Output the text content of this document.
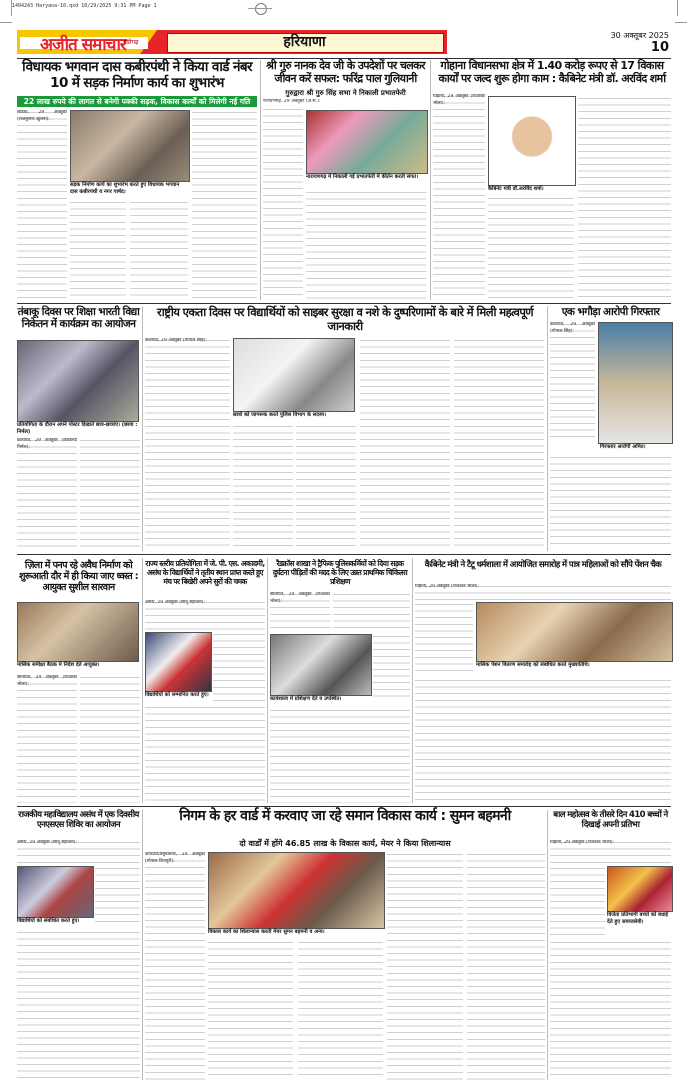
1404243 Haryana-10.qxd 10/29/2025 9:31 PM Page 1
अजीत समाचार
चंडीगढ़	हरियाणा	30 अक्तूबर 2025
10
विधायक भगवान दास कबीरपंथी ने किया वार्ड नंबर 10 में सड़क निर्माण कार्य का शुभारंभ
22 लाख रुपये की लागत से बनेगी पक्की सड़क, विकास कार्यों को मिलेगी नई गति
लाडवा, 29 अक्तूबर (राजकुमार खुराना):
सड़क निर्माण कार्य का शुभारंभ करते हुए विधायक भगवान दास कबीरपंथी व नगर पार्षद।
श्री गुरु नानक देव जी के उपदेशों पर चलकर जीवन करें सफल: फरिंद्र पाल गुलियानी
गुरुद्वारा श्री गुरु सिंह सभा ने निकाली प्रभातफेरी
नारायणगढ़, 29 अक्तूबर (अ.स.):
नारायणगढ़ में निकाली गई प्रभातफेरी में कीर्तन करती संगत।
गोहाना विधानसभा क्षेत्र में 1.40 करोड़ रूपए से 17 विकास कार्यों पर जल्द शुरू होगा काम : कैबिनेट मंत्री डॉ. अरविंद शर्मा
गोहाना, 29 अक्तूबर (राजेश्वर भोला):
कैबिनेट मंत्री डॉ.अरविंद शर्मा।
तंबाकू दिवस पर शिक्षा भारती विद्या निकेतन में कार्यक्रम का आयोजन
प्रतियोगिता के दौरान अपने पोस्टर दिखाते छात्र-छात्राएं। (छाया : निर्मल)
कलायत, 29 अक्तूबर (कौशल्या निर्मल):
राष्ट्रीय एकता दिवस पर विद्यार्थियों को साइबर सुरक्षा व नशे के दुष्परिणामों के बारे में मिली महत्वपूर्ण जानकारी
कलायत, 29 अक्तूबर (गोपाल सिंह):
छात्रों को जागरूक करते पुलिस विभाग के सदस्य।
एक भगौड़ा आरोपी गिरफ्तार
कलायत, 29 अक्तूबर (गोपाल सिंह):
गिरफ्तार आरोपी अमित।
ज़िला में पनप रहे अवैध निर्माण को शुरूआती दौर में ही किया जाए ध्वस्त : आयुक्त सुशील सारवान
मासिक समीक्षा बैठक में निर्देश देते आयुक्त।
सोनीपत, 29 अक्तूबर (राजेश्वर भोला):
राज्य स्तरीय प्रतियोगिता में जे. पी. एस. अकादमी, असंध के विद्यार्थियों ने तृतीय स्थान प्राप्त करते हुए मंच पर बिखेरी अपने सुरों की चमक
असंध, 29 अक्तूबर (सोनू महाजन):
विद्यार्थियों को सम्मानित करते हुए।
रैडक्रॉस शाखा ने ट्रैफिक पुलिसकर्मियों को दिया सड़क दुर्घटना पीड़ितों की मदद के लिए उन्नत प्राथमिक चिकित्सा प्रशिक्षण
सोनीपत, 29 अक्तूबर (राजेश्वर भोला):
कार्यशाला में प्रशिक्षण देते व उपस्थित।
कैबिनेट मंत्री ने टैटू धर्मशाला में आयोजित समारोह में पात्र महिलाओं को सौंपे पेंशन चैक
गोहाना, 29 अक्तूबर (राजेश्वर भोला):
मासिक पेंशन वितरण समारोह को संबोधित करते मुख्यातिथि।
राजकीय महाविद्यालय असंध में एक दिवसीय एनएसएस शिविर का आयोजन
असंध, 29 अक्तूबर (सोनू महाजन):
विद्यार्थियों को संबोधित करते हुए।
निगम के हर वार्ड में करवाए जा रहे समान विकास कार्य : सुमन बहमनी
दो वार्डों में होंगे 46.85 लाख के विकास कार्य, मेयर ने किया शिलान्यास
जगाधरी/यमुनानगर, 29 अक्तूबर (गोपाल शिवपुरी):
विकास कार्य का शिलान्यास करती मेयर सुमन बहमनी व अन्य।
बाल महोत्सव के तीसरे दिन 410 बच्चों ने दिखाई अपनी प्रतिभा
गोहाना, 29 अक्तूबर (राजेश्वर भोला):
विजेता प्रतिभागी बच्चों को बधाई देते हुए समाजसेवी।
